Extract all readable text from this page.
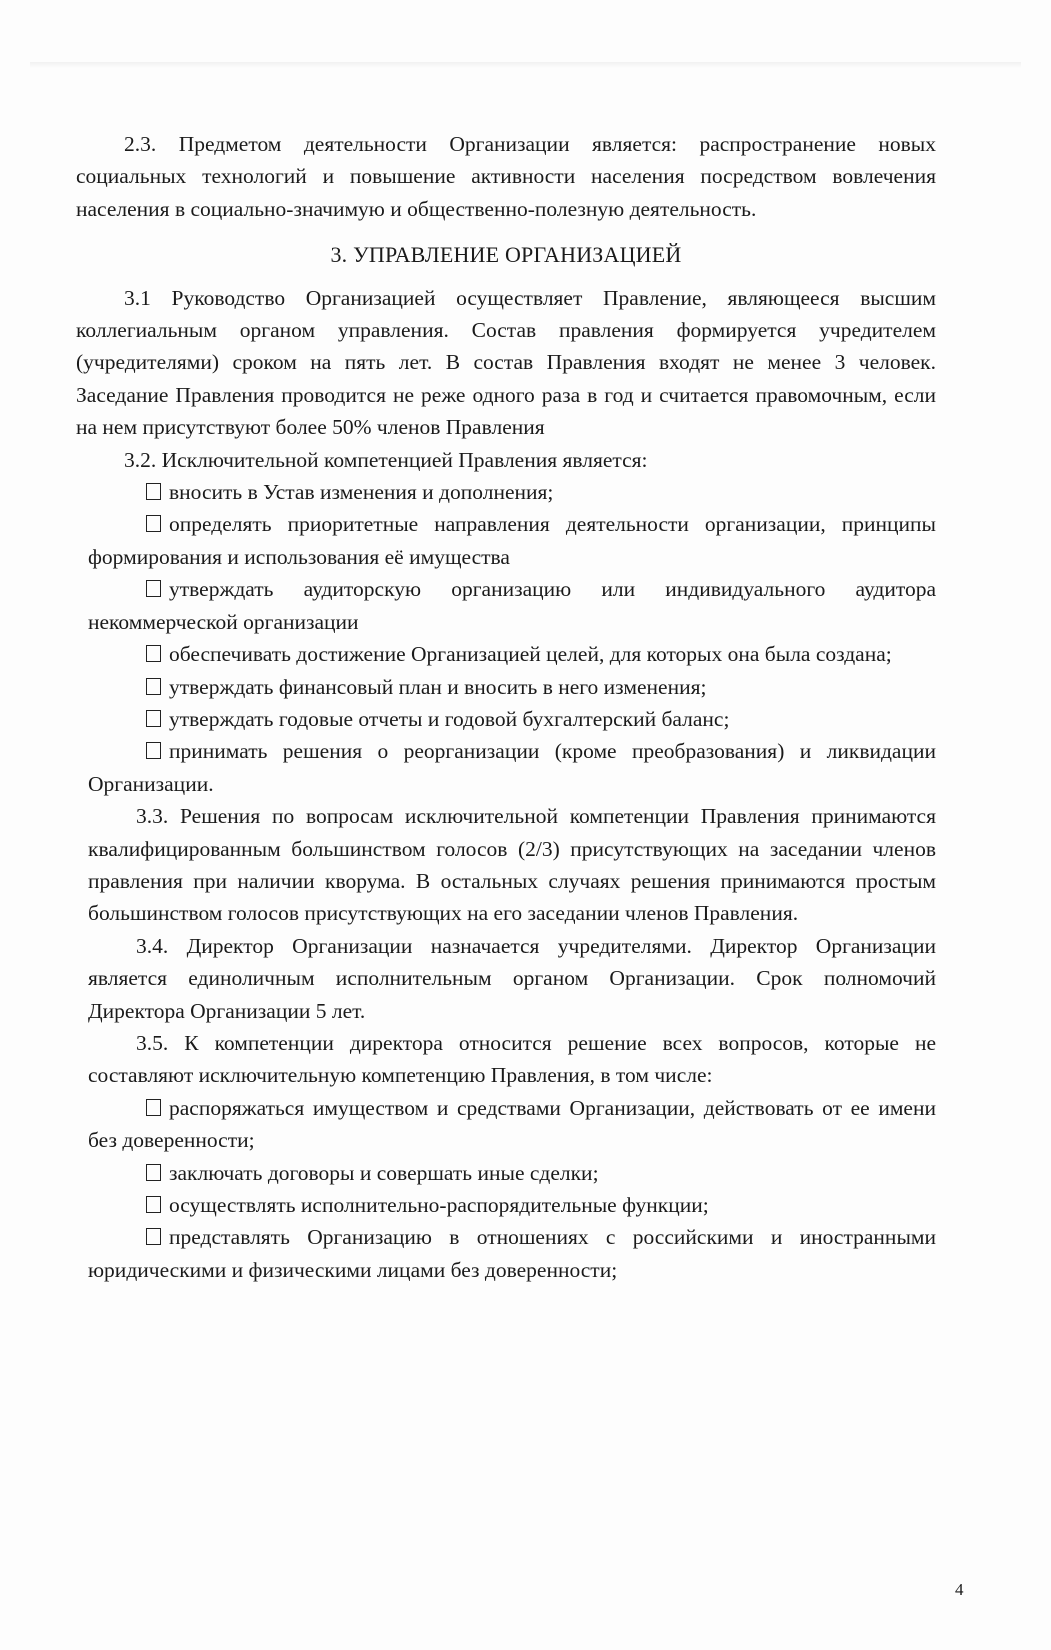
2.3. Предметом деятельности Организации является: распространение новых социальных технологий и повышение активности населения посредством вовлечения населения в социально-значимую и общественно-полезную деятельность.

3. УПРАВЛЕНИЕ ОРГАНИЗАЦИЕЙ

3.1 Руководство Организацией осуществляет Правление, являющееся высшим коллегиальным органом управления. Состав правления формируется учредителем (учредителями) сроком на пять лет. В состав Правления входят не менее 3 человек. Заседание Правления проводится не реже одного раза в год и считается правомочным, если на нем присутствуют более 50% членов Правления

3.2. Исключительной компетенцией Правления является:

вносить в Устав изменения и дополнения;

определять приоритетные направления деятельности организации, принципы формирования и использования её имущества

утверждать аудиторскую организацию или индивидуального аудитора некоммерческой организации

обеспечивать достижение Организацией целей, для которых она была создана;

утверждать финансовый план и вносить в него изменения;

утверждать годовые отчеты и годовой бухгалтерский баланс;

принимать решения о реорганизации (кроме преобразования) и ликвидации Организации.

3.3. Решения по вопросам исключительной компетенции Правления принимаются квалифицированным большинством голосов (2/3) присутствующих на заседании членов правления при наличии кворума. В остальных случаях решения принимаются простым большинством голосов присутствующих на его заседании членов Правления.

3.4. Директор Организации назначается учредителями. Директор Организации является единоличным исполнительным органом Организации. Срок полномочий Директора Организации 5 лет.

3.5. К компетенции директора относится решение всех вопросов, которые не составляют исключительную компетенцию Правления, в том числе:

распоряжаться имуществом и средствами Организации, действовать от ее имени без доверенности;

заключать договоры и совершать иные сделки;

осуществлять исполнительно-распорядительные функции;

представлять Организацию в отношениях с российскими и иностранными юридическими и физическими лицами без доверенности;

4
